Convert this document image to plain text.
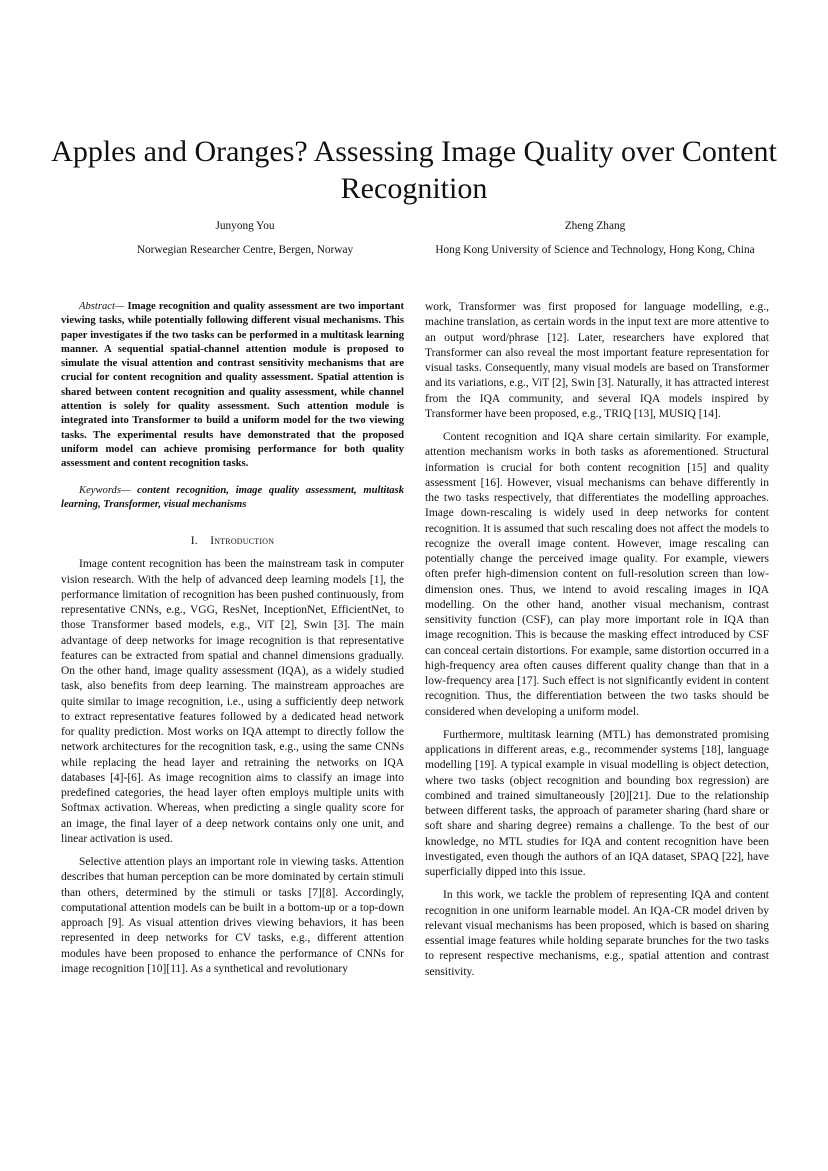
Apples and Oranges? Assessing Image Quality over Content Recognition
Junyong You
Norwegian Researcher Centre, Bergen, Norway
Zheng Zhang
Hong Kong University of Science and Technology, Hong Kong, China

Abstract— Image recognition and quality assessment are two important viewing tasks, while potentially following different visual mechanisms. This paper investigates if the two tasks can be performed in a multitask learning manner. A sequential spatial-channel attention module is proposed to simulate the visual attention and contrast sensitivity mechanisms that are crucial for content recognition and quality assessment. Spatial attention is shared between content recognition and quality assessment, while channel attention is solely for quality assessment. Such attention module is integrated into Transformer to build a uniform model for the two viewing tasks. The experimental results have demonstrated that the proposed uniform model can achieve promising performance for both quality assessment and content recognition tasks.

Keywords— content recognition, image quality assessment, multitask learning, Transformer, visual mechanisms

I. Introduction

Image content recognition has been the mainstream task in computer vision research. With the help of advanced deep learning models [1], the performance limitation of recognition has been pushed continuously, from representative CNNs, e.g., VGG, ResNet, InceptionNet, EfficientNet, to those Transformer based models, e.g., ViT [2], Swin [3]. The main advantage of deep networks for image recognition is that representative features can be extracted from spatial and channel dimensions gradually. On the other hand, image quality assessment (IQA), as a widely studied task, also benefits from deep learning. The mainstream approaches are quite similar to image recognition, i.e., using a sufficiently deep network to extract representative features followed by a dedicated head network for quality prediction. Most works on IQA attempt to directly follow the network architectures for the recognition task, e.g., using the same CNNs while replacing the head layer and retraining the networks on IQA databases [4]-[6]. As image recognition aims to classify an image into predefined categories, the head layer often employs multiple units with Softmax activation. Whereas, when predicting a single quality score for an image, the final layer of a deep network contains only one unit, and linear activation is used.

Selective attention plays an important role in viewing tasks. Attention describes that human perception can be more dominated by certain stimuli than others, determined by the stimuli or tasks [7][8]. Accordingly, computational attention models can be built in a bottom-up or a top-down approach [9]. As visual attention drives viewing behaviors, it has been represented in deep networks for CV tasks, e.g., different attention modules have been proposed to enhance the performance of CNNs for image recognition [10][11]. As a synthetical and revolutionary

work, Transformer was first proposed for language modelling, e.g., machine translation, as certain words in the input text are more attentive to an output word/phrase [12]. Later, researchers have explored that Transformer can also reveal the most important feature representation for visual tasks. Consequently, many visual models are based on Transformer and its variations, e.g., ViT [2], Swin [3]. Naturally, it has attracted interest from the IQA community, and several IQA models inspired by Transformer have been proposed, e.g., TRIQ [13], MUSIQ [14].

Content recognition and IQA share certain similarity. For example, attention mechanism works in both tasks as aforementioned. Structural information is crucial for both content recognition [15] and quality assessment [16]. However, visual mechanisms can behave differently in the two tasks respectively, that differentiates the modelling approaches. Image down-rescaling is widely used in deep networks for content recognition. It is assumed that such rescaling does not affect the models to recognize the overall image content. However, image rescaling can potentially change the perceived image quality. For example, viewers often prefer high-dimension content on full-resolution screen than low-dimension ones. Thus, we intend to avoid rescaling images in IQA modelling. On the other hand, another visual mechanism, contrast sensitivity function (CSF), can play more important role in IQA than image recognition. This is because the masking effect introduced by CSF can conceal certain distortions. For example, same distortion occurred in a high-frequency area often causes different quality change than that in a low-frequency area [17]. Such effect is not significantly evident in content recognition. Thus, the differentiation between the two tasks should be considered when developing a uniform model.

Furthermore, multitask learning (MTL) has demonstrated promising applications in different areas, e.g., recommender systems [18], language modelling [19]. A typical example in visual modelling is object detection, where two tasks (object recognition and bounding box regression) are combined and trained simultaneously [20][21]. Due to the relationship between different tasks, the approach of parameter sharing (hard share or soft share and sharing degree) remains a challenge. To the best of our knowledge, no MTL studies for IQA and content recognition have been investigated, even though the authors of an IQA dataset, SPAQ [22], have superficially dipped into this issue.

In this work, we tackle the problem of representing IQA and content recognition in one uniform learnable model. An IQA-CR model driven by relevant visual mechanisms has been proposed, which is based on sharing essential image features while holding separate brunches for the two tasks to represent respective mechanisms, e.g., spatial attention and contrast sensitivity.
